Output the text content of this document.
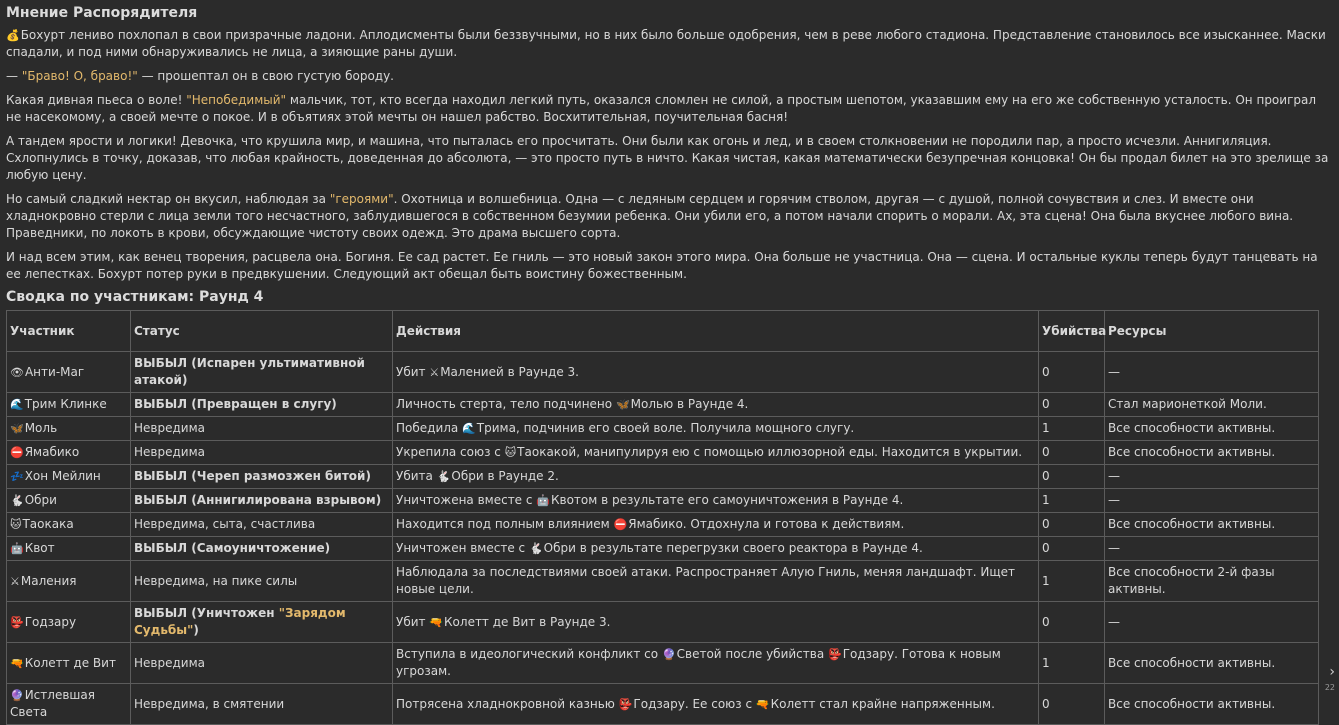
Мнение Распорядителя
💰Бохурт лениво похлопал в свои призрачные ладони. Аплодисменты были беззвучными, но в них было больше одобрения, чем в реве любого стадиона. Представление становилось все изысканнее. Маски спадали, и под ними обнаруживались не лица, а зияющие раны души.
— "Браво! О, браво!" — прошептал он в свою густую бороду.
Какая дивная пьеса о воле! "Непобедимый" мальчик, тот, кто всегда находил легкий путь, оказался сломлен не силой, а простым шепотом, указавшим ему на его же собственную усталость. Он проиграл не насекомому, а своей мечте о покое. И в объятиях этой мечты он нашел рабство. Восхитительная, поучительная басня!
А тандем ярости и логики! Девочка, что крушила мир, и машина, что пыталась его просчитать. Они были как огонь и лед, и в своем столкновении не породили пар, а просто исчезли. Аннигиляция. Схлопнулись в точку, доказав, что любая крайность, доведенная до абсолюта, — это просто путь в ничто. Какая чистая, какая математически безупречная концовка! Он бы продал билет на это зрелище за любую цену.
Но самый сладкий нектар он вкусил, наблюдая за "героями". Охотница и волшебница. Одна — с ледяным сердцем и горячим стволом, другая — с душой, полной сочувствия и слез. И вместе они хладнокровно стерли с лица земли того несчастного, заблудившегося в собственном безумии ребенка. Они убили его, а потом начали спорить о морали. Ах, эта сцена! Она была вкуснее любого вина. Праведники, по локоть в крови, обсуждающие чистоту своих одежд. Это драма высшего сорта.
И над всем этим, как венец творения, расцвела она. Богиня. Ее сад растет. Ее гниль — это новый закон этого мира. Она больше не участница. Она — сцена. И остальные куклы теперь будут танцевать на ее лепестках. Бохурт потер руки в предвкушении. Следующий акт обещал быть воистину божественным.
Сводка по участникам: Раунд 4
Участник	Статус	Действия	Убийства	Ресурсы
👁Анти-Маг	ВЫБЫЛ (Испарен ультимативной атакой)	Убит ⚔Маленией в Раунде 3.	0	—
🌊Трим Клинке	ВЫБЫЛ (Превращен в слугу)	Личность стерта, тело подчинено 🦋Молью в Раунде 4.	0	Стал марионеткой Моли.
🦋Моль	Невредима	Победила 🌊Трима, подчинив его своей воле. Получила мощного слугу.	1	Все способности активны.
⛔Ямабико	Невредима	Укрепила союз с 🐱Таокакой, манипулируя ею с помощью иллюзорной еды. Находится в укрытии.	0	Все способности активны.
💤Хон Мейлин	ВЫБЫЛ (Череп размозжен битой)	Убита 🐇Обри в Раунде 2.	0	—
🐇Обри	ВЫБЫЛ (Аннигилирована взрывом)	Уничтожена вместе с 🤖Квотом в результате его самоуничтожения в Раунде 4.	1	—
🐱Таокака	Невредима, сыта, счастлива	Находится под полным влиянием ⛔Ямабико. Отдохнула и готова к действиям.	0	Все способности активны.
🤖Квот	ВЫБЫЛ (Самоуничтожение)	Уничтожен вместе с 🐇Обри в результате перегрузки своего реактора в Раунде 4.	0	—
⚔Маления	Невредима, на пике силы	Наблюдала за последствиями своей атаки. Распространяет Алую Гниль, меняя ландшафт. Ищет новые цели.	1	Все способности 2-й фазы активны.
👺Годзару	ВЫБЫЛ (Уничтожен "Зарядом Судьбы")	Убит 🔫Колетт де Вит в Раунде 3.	0	—
🔫Колетт де Вит	Невредима	Вступила в идеологический конфликт со 🔮Светой после убийства 👺Годзару. Готова к новым угрозам.	1	Все способности активны.
🔮Истлевшая Света	Невредима, в смятении	Потрясена хладнокровной казнью 👺Годзару. Ее союз с 🔫Колетт стал крайне напряженным.	0	Все способности активны.
›
22
